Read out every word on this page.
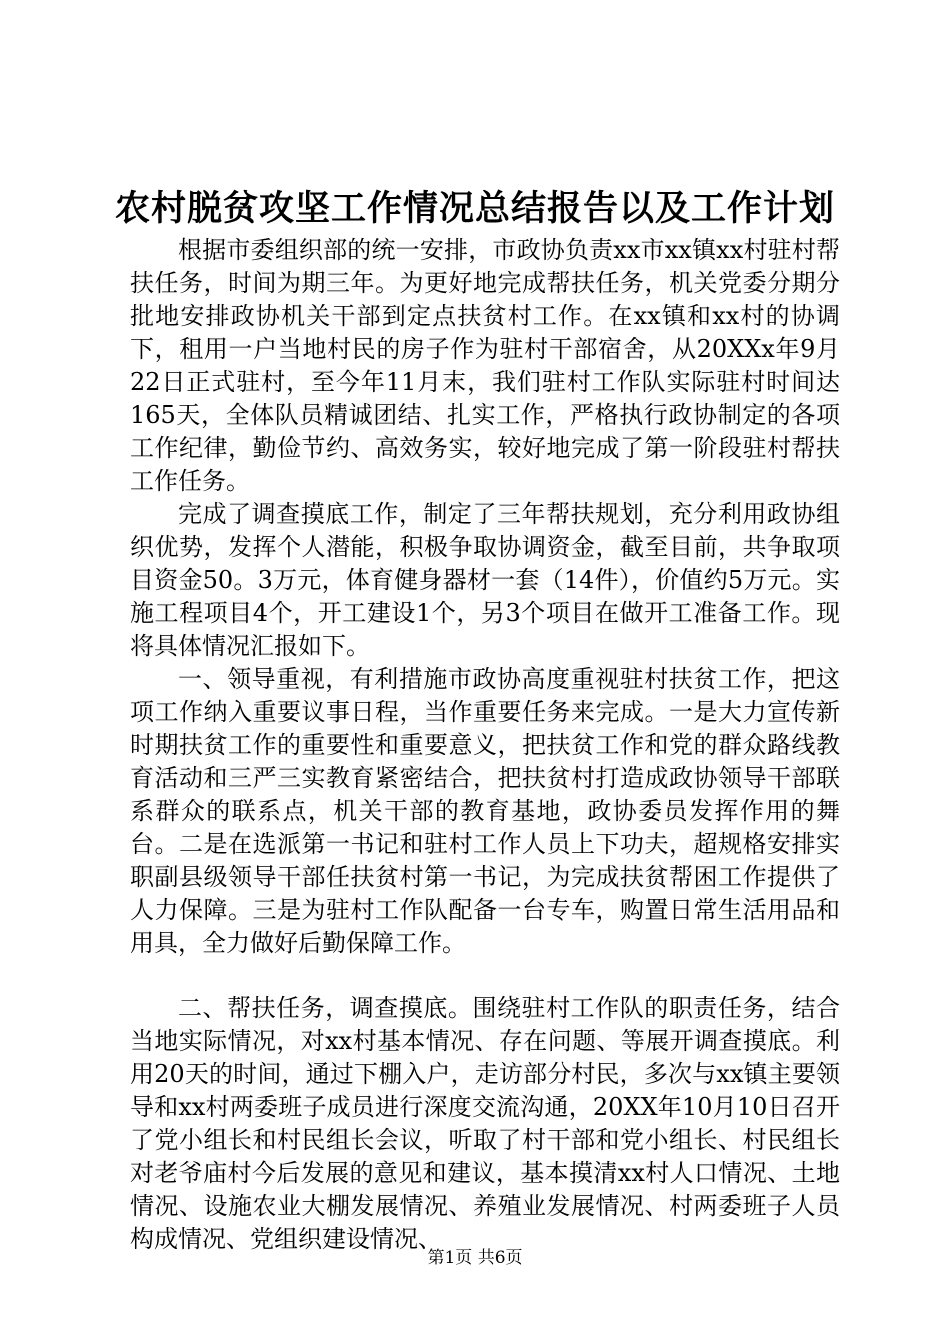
农村脱贫攻坚工作情况总结报告以及工作计划

根据市委组织部的统一安排，市政协负责xx市xx镇xx村驻村帮扶任务，时间为期三年。为更好地完成帮扶任务，机关党委分期分批地安排政协机关干部到定点扶贫村工作。在xx镇和xx村的协调下，租用一户当地村民的房子作为驻村干部宿舍，从20XXx年9月22日正式驻村，至今年11月末，我们驻村工作队实际驻村时间达165天，全体队员精诚团结、扎实工作，严格执行政协制定的各项工作纪律，勤俭节约、高效务实，较好地完成了第一阶段驻村帮扶工作任务。

完成了调查摸底工作，制定了三年帮扶规划，充分利用政协组织优势，发挥个人潜能，积极争取协调资金，截至目前，共争取项目资金50。3万元，体育健身器材一套（14件），价值约5万元。实施工程项目4个，开工建设1个，另3个项目在做开工准备工作。现将具体情况汇报如下。

一、领导重视，有利措施市政协高度重视驻村扶贫工作，把这项工作纳入重要议事日程，当作重要任务来完成。一是大力宣传新时期扶贫工作的重要性和重要意义，把扶贫工作和党的群众路线教育活动和三严三实教育紧密结合，把扶贫村打造成政协领导干部联系群众的联系点，机关干部的教育基地，政协委员发挥作用的舞台。二是在选派第一书记和驻村工作人员上下功夫，超规格安排实职副县级领导干部任扶贫村第一书记，为完成扶贫帮困工作提供了人力保障。三是为驻村工作队配备一台专车，购置日常生活用品和用具，全力做好后勤保障工作。

二、帮扶任务，调查摸底。围绕驻村工作队的职责任务，结合当地实际情况，对xx村基本情况、存在问题、等展开调查摸底。利用20天的时间，通过下棚入户，走访部分村民，多次与xx镇主要领导和xx村两委班子成员进行深度交流沟通，20XX年10月10日召开了党小组长和村民组长会议，听取了村干部和党小组长、村民组长对老爷庙村今后发展的意见和建议，基本摸清xx村人口情况、土地情况、设施农业大棚发展情况、养殖业发展情况、村两委班子人员构成情况、党组织建设情况、

第1页 共6页
